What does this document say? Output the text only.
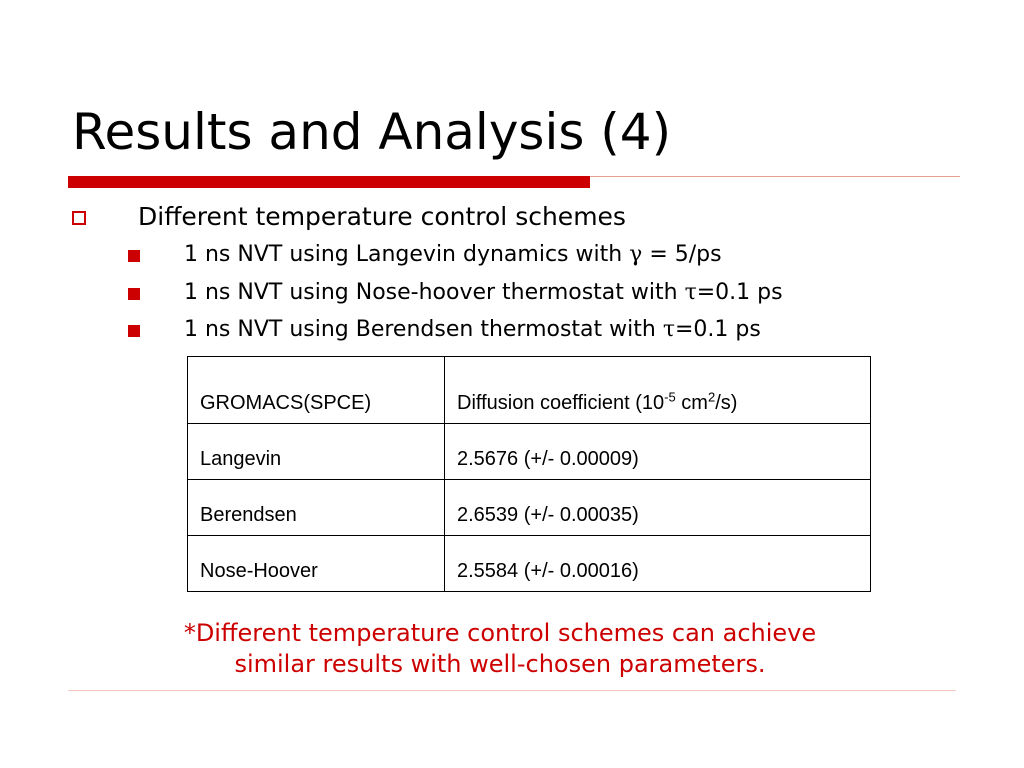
Results and Analysis (4)
Different temperature control schemes
1 ns NVT using Langevin dynamics with γ = 5/ps
1 ns NVT using Nose-hoover thermostat with τ=0.1 ps
1 ns NVT using Berendsen thermostat with τ=0.1 ps
GROMACS(SPCE)	Diffusion coefficient ($10^{-5}$ $cm^2/s$)
Langevin	2.5676 (+/- 0.00009)
Berendsen	2.6539 (+/- 0.00035)
Nose-Hoover	2.5584 (+/- 0.00016)
*Different temperature control schemes can achieve
similar results with well-chosen parameters.
